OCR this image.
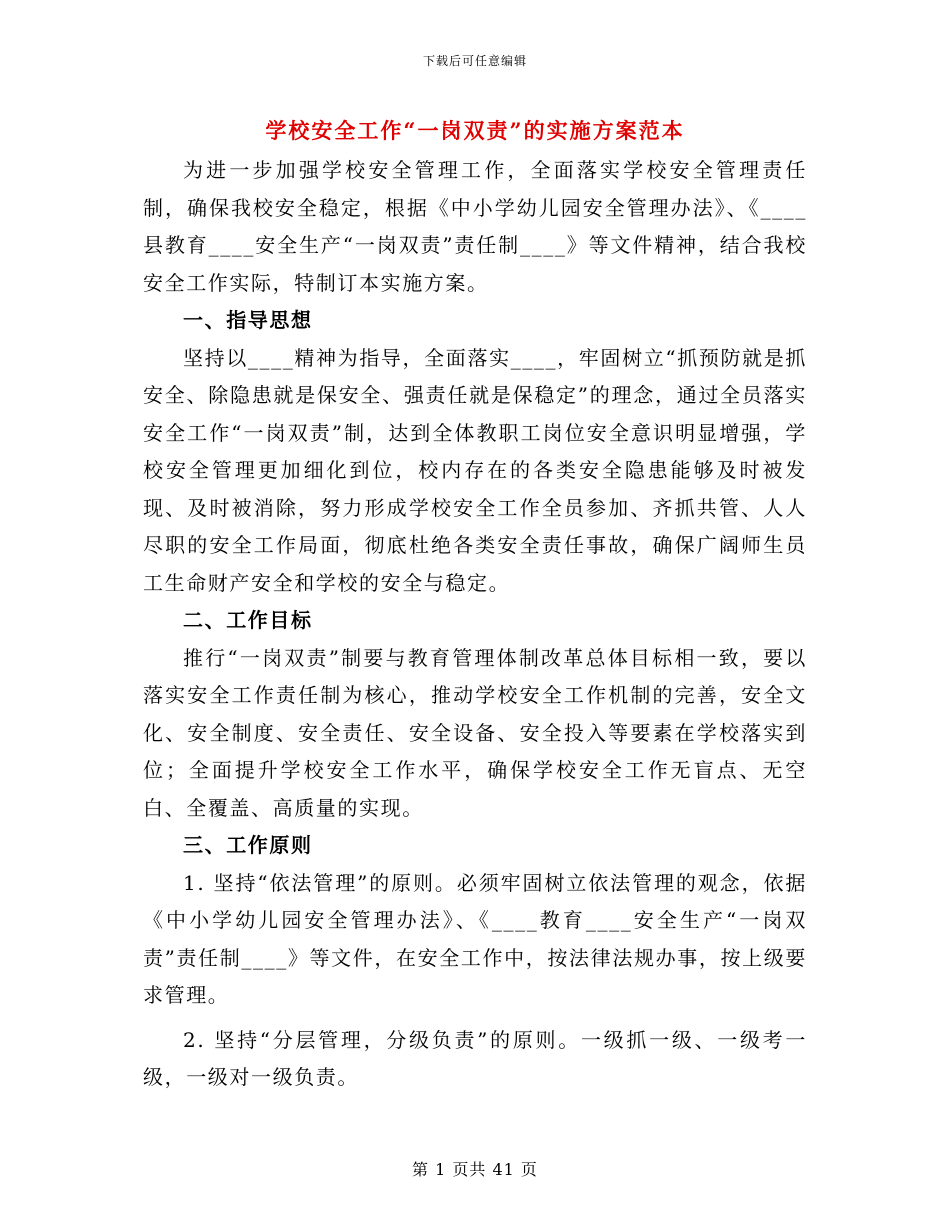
下载后可任意编辑
学校安全工作“一岗双责”的实施方案范本

为进一步加强学校安全管理工作，全面落实学校安全管理责任制，确保我校安全稳定，根据《中小学幼儿园安全管理办法》、《____县教育____安全生产“一岗双责”责任制____》等文件精神，结合我校安全工作实际，特制订本实施方案。

一、指导思想

坚持以____精神为指导，全面落实____，牢固树立“抓预防就是抓安全、除隐患就是保安全、强责任就是保稳定”的理念，通过全员落实安全工作“一岗双责”制，达到全体教职工岗位安全意识明显增强，学校安全管理更加细化到位，校内存在的各类安全隐患能够及时被发现、及时被消除，努力形成学校安全工作全员参加、齐抓共管、人人尽职的安全工作局面，彻底杜绝各类安全责任事故，确保广阔师生员工生命财产安全和学校的安全与稳定。

二、工作目标

推行“一岗双责”制要与教育管理体制改革总体目标相一致，要以落实安全工作责任制为核心，推动学校安全工作机制的完善，安全文化、安全制度、安全责任、安全设备、安全投入等要素在学校落实到位；全面提升学校安全工作水平，确保学校安全工作无盲点、无空白、全覆盖、高质量的实现。

三、工作原则

1. 坚持“依法管理”的原则。必须牢固树立依法管理的观念，依据《中小学幼儿园安全管理办法》、《____教育____安全生产“一岗双责”责任制____》等文件，在安全工作中，按法律法规办事，按上级要求管理。

2. 坚持“分层管理，分级负责”的原则。一级抓一级、一级考一级，一级对一级负责。

第 1 页共 41 页
